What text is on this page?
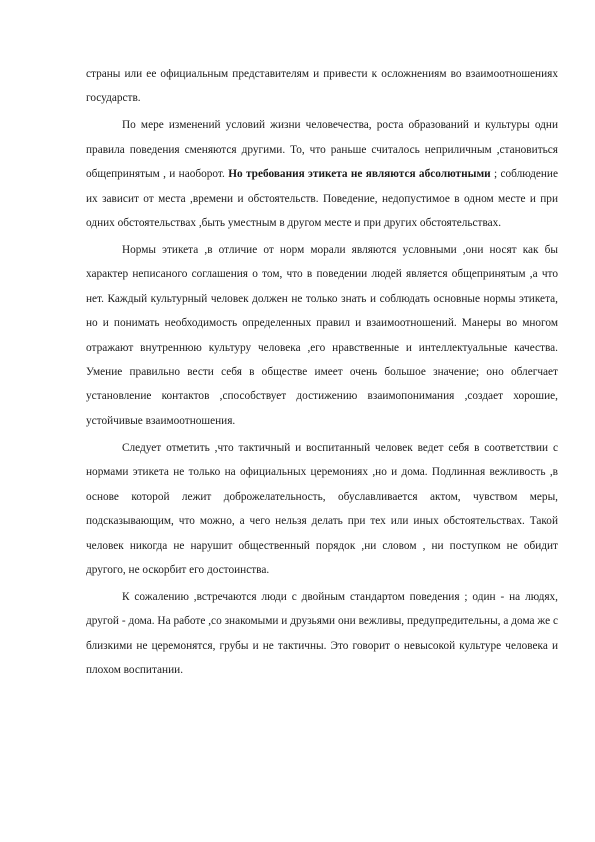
страны или ее официальным представителям и привести к осложнениям во взаимоотношениях государств.

По мере изменений условий жизни человечества, роста образований и культуры одни правила поведения сменяются другими. То, что раньше считалось неприличным ,становиться общепринятым , и наоборот. Но требования этикета не являются абсолютными ; соблюдение их зависит от места ,времени и обстоятельств. Поведение, недопустимое в одном месте и при одних обстоятельствах ,быть уместным в другом месте и при других обстоятельствах.

Нормы этикета ,в отличие от норм морали являются условными ,они носят как бы характер неписаного соглашения о том, что в поведении людей является общепринятым ,а что нет. Каждый культурный человек должен не только знать и соблюдать основные нормы этикета, но и понимать необходимость определенных правил и взаимоотношений. Манеры во многом отражают внутреннюю культуру человека ,его нравственные и интеллектуальные качества. Умение правильно вести себя в обществе имеет очень большое значение; оно облегчает установление контактов ,способствует достижению взаимопонимания ,создает хорошие, устойчивые взаимоотношения.

Следует отметить ,что тактичный и воспитанный человек ведет себя в соответствии с нормами этикета не только на официальных церемониях ,но и дома. Подлинная вежливость ,в основе которой лежит доброжелательность, обуславливается актом, чувством меры, подсказывающим, что можно, а чего нельзя делать при тех или иных обстоятельствах. Такой человек никогда не нарушит общественный порядок ,ни словом , ни поступком не обидит другого, не оскорбит его достоинства.

К сожалению ,встречаются люди с двойным стандартом поведения ; один - на людях, другой - дома. На работе ,со знакомыми и друзьями они вежливы, предупредительны, а дома же с близкими не церемонятся, грубы и не тактичны. Это говорит о невысокой культуре человека и плохом воспитании.
